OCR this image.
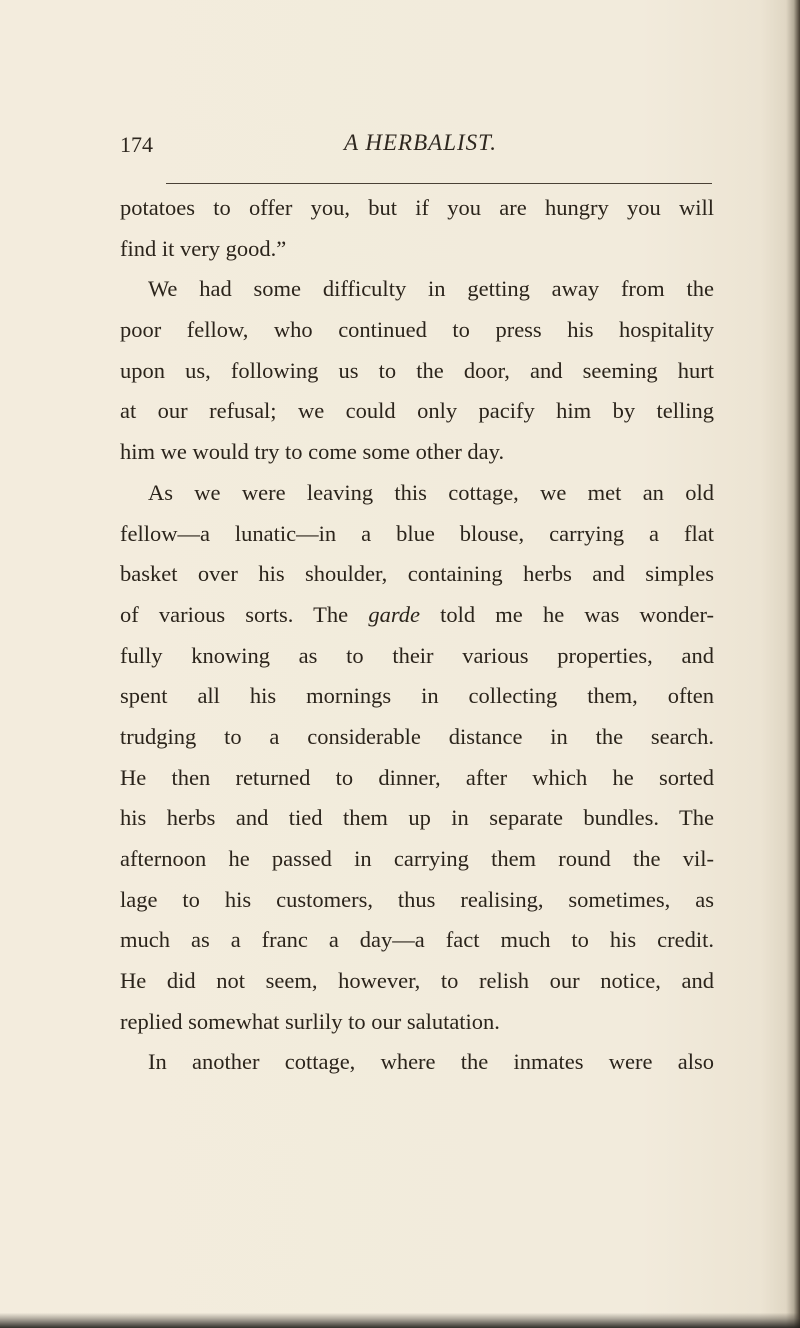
174	A HERBALIST.
potatoes to offer you, but if you are hungry you will
find it very good.”
We had some difficulty in getting away from the
poor fellow, who continued to press his hospitality
upon us, following us to the door, and seeming hurt
at our refusal; we could only pacify him by telling
him we would try to come some other day.
As we were leaving this cottage, we met an old
fellow—a lunatic—in a blue blouse, carrying a flat
basket over his shoulder, containing herbs and simples
of various sorts. The garde told me he was wonder-
fully knowing as to their various properties, and
spent all his mornings in collecting them, often
trudging to a considerable distance in the search.
He then returned to dinner, after which he sorted
his herbs and tied them up in separate bundles. The
afternoon he passed in carrying them round the vil-
lage to his customers, thus realising, sometimes, as
much as a franc a day—a fact much to his credit.
He did not seem, however, to relish our notice, and
replied somewhat surlily to our salutation.
In another cottage, where the inmates were also
